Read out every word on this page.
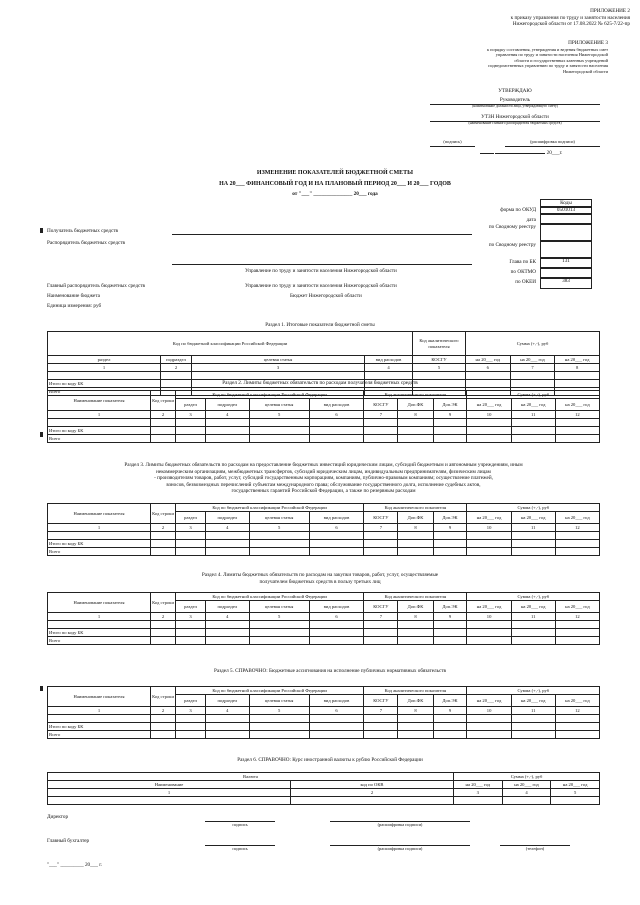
ПРИЛОЖЕНИЕ 2
к приказу управления по труду и занятости населения
Нижегородской области от 17.08.2022 № 625-7/22-пр
ПРИЛОЖЕНИЕ 3
к порядку составления, утверждения и ведения бюджетных смет
управления по труду и занятости населения Нижегородской
области и государственных казенных учреждений
подведомственных управлению по труду и занятости населения
Нижегородской области
УТВЕРЖДАЮ
Руководитель
(наименование должности лица, утверждающего смету)
УТЗН Нижегородской области
(наименование главного распорядителя бюджетных средств)
(подпись)	(расшифровка подписи)
20___г.
ИЗМЕНЕНИЕ ПОКАЗАТЕЛЕЙ БЮДЖЕТНОЙ СМЕТЫ
НА 20___ ФИНАНСОВЫЙ ГОД И НА ПЛАНОВЫЙ ПЕРИОД 20___ И 20___ ГОДОВ
от "___" _______________ 20___ года
Коды
форма по ОКУД	0501013
дата
по Сводному реестру
по Сводному реестру
Глава по БК	131
по ОКТМО
по ОКЕИ	383
Получатель бюджетных средств
Распорядитель бюджетных средств
Управление по труду и занятости населения Нижегородской области
Главный распорядитель бюджетных средств	Управление по труду и занятости населения Нижегородской области
Наименование бюджета	Бюджет Нижегородской области
Единица измерения: руб
Раздел 1. Итоговые показатели бюджетной сметы
Код по бюджетной классификации Российской Федерации				Код аналитического показателя	Сумма (+,-), руб		
раздел	подраздел	целевая статья	вид расходов	КОСГУ	на 20___ год	на 20___ год	на 20___ год
1	2	3	4	5	6	7	8

Итого по коду БК							
Всего							
Раздел 2. Лимиты бюджетных обязательств по расходам получателя бюджетных средств
Наименование показателя	Код строки	Код по бюджетной классификации Российской Федерации				Код аналитического показателя			Сумма (+,-), руб		
		раздел	подраздел	целевая статья	вид расходов	КОСГУ	Доп.ФК	Доп.ЭК	на 20___ год	на 20___ год	на 20___ год
1	2	3	4	5	6	7	8	9	10	11	12

Итого по коду БК											
Всего											
Раздел 3. Лимиты бюджетных обязательств по расходам на предоставление бюджетных инвестиций юридическим лицам, субсидий бюджетным и автономным учреждениям, иным
некоммерческим организациям, межбюджетных трансфертов, субсидий юридическим лицам, индивидуальным предпринимателям, физическим лицам
- производителям товаров, работ, услуг, субсидий государственным корпорациям, компаниям, публично-правовым компаниям; осуществление платежей,
взносов, безвозмездных перечислений субъектам международного права; обслуживание государственного долга, исполнение судебных актов,
государственных гарантий Российской Федерации, а также по резервным расходам
Наименование показателя	Код строки	Код по бюджетной классификации Российской Федерации				Код аналитического показателя			Сумма (+,-), руб		
		раздел	подраздел	целевая статья	вид расходов	КОСГУ	Доп.ФК	Доп.ЭК	на 20___ год	на 20___ год	на 20___ год
1	2	3	4	5	6	7	8	9	10	11	12

Итого по коду БК											
Всего											
Раздел 4. Лимиты бюджетных обязательств по расходам на закупки товаров, работ, услуг, осуществляемые
получателем бюджетных средств в пользу третьих лиц
Наименование показателя	Код строки	Код по бюджетной классификации Российской Федерации				Код аналитического показателя			Сумма (+,-), руб		
		раздел	подраздел	целевая статья	вид расходов	КОСГУ	Доп.ФК	Доп.ЭК	на 20___ год	на 20___ год	на 20___ год
1	2	3	4	5	6	7	8	9	10	11	12

Итого по коду БК											
Всего											
Раздел 5. СПРАВОЧНО: Бюджетные ассигнования на исполнение публичных нормативных обязательств
Наименование показателя	Код строки	Код по бюджетной классификации Российской Федерации				Код аналитического показателя			Сумма (+,-), руб		
		раздел	подраздел	целевая статья	вид расходов	КОСГУ	Доп.ФК	Доп.ЭК	на 20___ год	на 20___ год	на 20___ год
1	2	3	4	5	6	7	8	9	10	11	12

Итого по коду БК											
Всего											
Раздел 6. СПРАВОЧНО: Курс иностранной валюты к рублю Российской Федерации
Валюта		Сумма (+,-), руб		
Наименование	код по ОКВ	на 20___ год	на 20___ год	на 20___ год
1	2	3	4	5

Директор
подпись	(расшифровка подписи)
Главный бухгалтер
подпись	(расшифровка подписи)	(телефон)
"___" _________ 20___ г.
